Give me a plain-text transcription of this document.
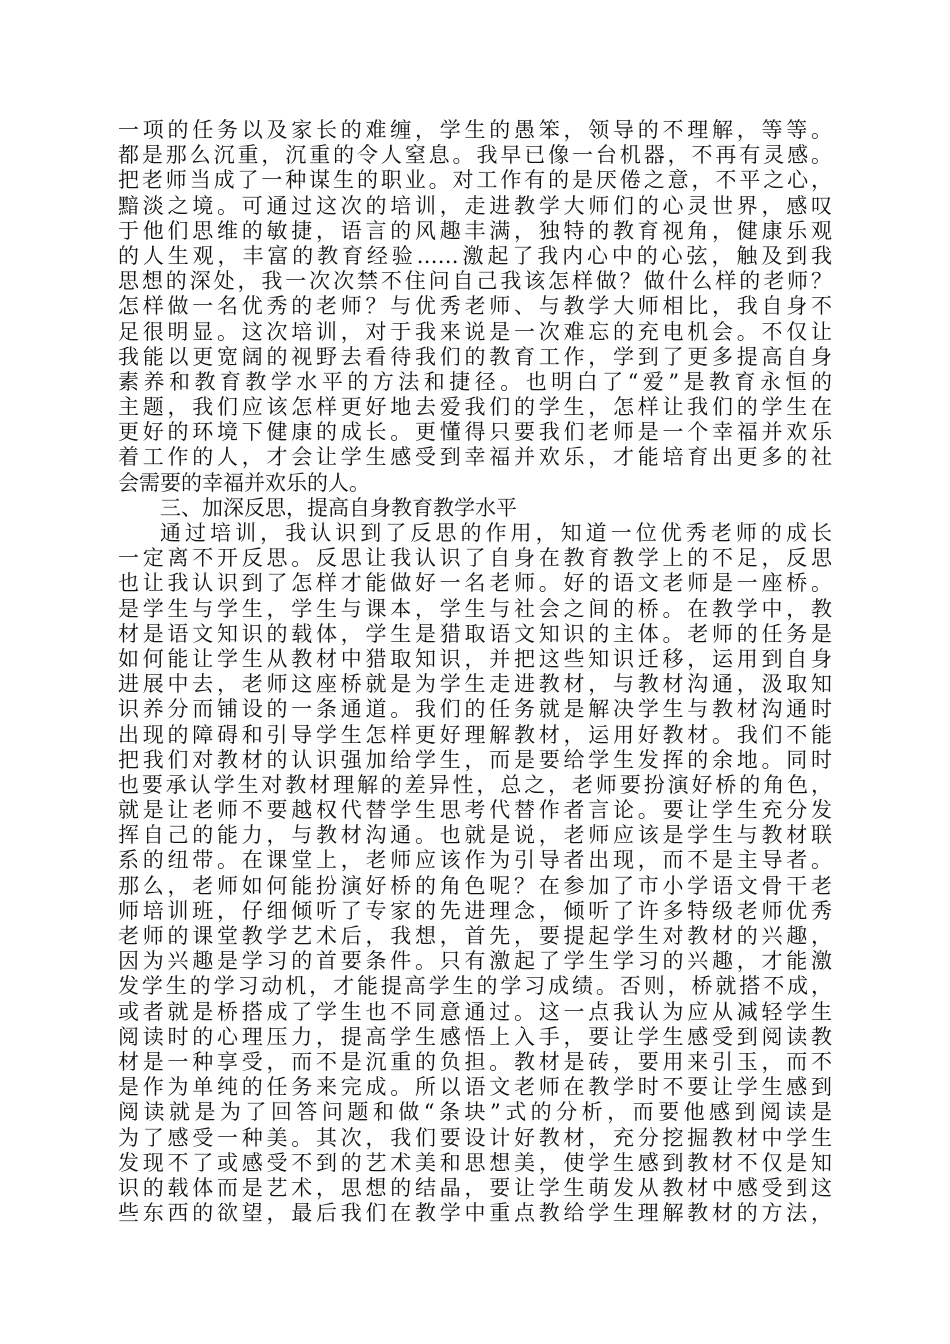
一项的任务以及家长的难缠，学生的愚笨，领导的不理解，等等。
都是那么沉重，沉重的令人窒息。我早已像一台机器，不再有灵感。
把老师当成了一种谋生的职业。对工作有的是厌倦之意，不平之心，
黯淡之境。可通过这次的培训，走进教学大师们的心灵世界，感叹
于他们思维的敏捷，语言的风趣丰满，独特的教育视角，健康乐观
的人生观，丰富的教育经验……激起了我内心中的心弦，触及到我
思想的深处，我一次次禁不住问自己我该怎样做？做什么样的老师？
怎样做一名优秀的老师？与优秀老师、与教学大师相比，我自身不
足很明显。这次培训，对于我来说是一次难忘的充电机会。不仅让
我能以更宽阔的视野去看待我们的教育工作，学到了更多提高自身
素养和教育教学水平的方法和捷径。也明白了“爱”是教育永恒的
主题，我们应该怎样更好地去爱我们的学生，怎样让我们的学生在
更好的环境下健康的成长。更懂得只要我们老师是一个幸福并欢乐
着工作的人，才会让学生感受到幸福并欢乐，才能培育出更多的社
会需要的幸福并欢乐的人。
三、加深反思，提高自身教育教学水平
通过培训，我认识到了反思的作用，知道一位优秀老师的成长
一定离不开反思。反思让我认识了自身在教育教学上的不足，反思
也让我认识到了怎样才能做好一名老师。好的语文老师是一座桥。
是学生与学生，学生与课本，学生与社会之间的桥。在教学中，教
材是语文知识的载体，学生是猎取语文知识的主体。老师的任务是
如何能让学生从教材中猎取知识，并把这些知识迁移，运用到自身
进展中去，老师这座桥就是为学生走进教材，与教材沟通，汲取知
识养分而铺设的一条通道。我们的任务就是解决学生与教材沟通时
出现的障碍和引导学生怎样更好理解教材，运用好教材。我们不能
把我们对教材的认识强加给学生，而是要给学生发挥的余地。同时
也要承认学生对教材理解的差异性，总之，老师要扮演好桥的角色，
就是让老师不要越权代替学生思考代替作者言论。要让学生充分发
挥自己的能力，与教材沟通。也就是说，老师应该是学生与教材联
系的纽带。在课堂上，老师应该作为引导者出现，而不是主导者。
那么，老师如何能扮演好桥的角色呢？在参加了市小学语文骨干老
师培训班，仔细倾听了专家的先进理念，倾听了许多特级老师优秀
老师的课堂教学艺术后，我想，首先，要提起学生对教材的兴趣，
因为兴趣是学习的首要条件。只有激起了学生学习的兴趣，才能激
发学生的学习动机，才能提高学生的学习成绩。否则，桥就搭不成，
或者就是桥搭成了学生也不同意通过。这一点我认为应从减轻学生
阅读时的心理压力，提高学生感悟上入手，要让学生感受到阅读教
材是一种享受，而不是沉重的负担。教材是砖，要用来引玉，而不
是作为单纯的任务来完成。所以语文老师在教学时不要让学生感到
阅读就是为了回答问题和做“条块”式的分析，而要他感到阅读是
为了感受一种美。其次，我们要设计好教材，充分挖掘教材中学生
发现不了或感受不到的艺术美和思想美，使学生感到教材不仅是知
识的载体而是艺术，思想的结晶，要让学生萌发从教材中感受到这
些东西的欲望，最后我们在教学中重点教给学生理解教材的方法，
